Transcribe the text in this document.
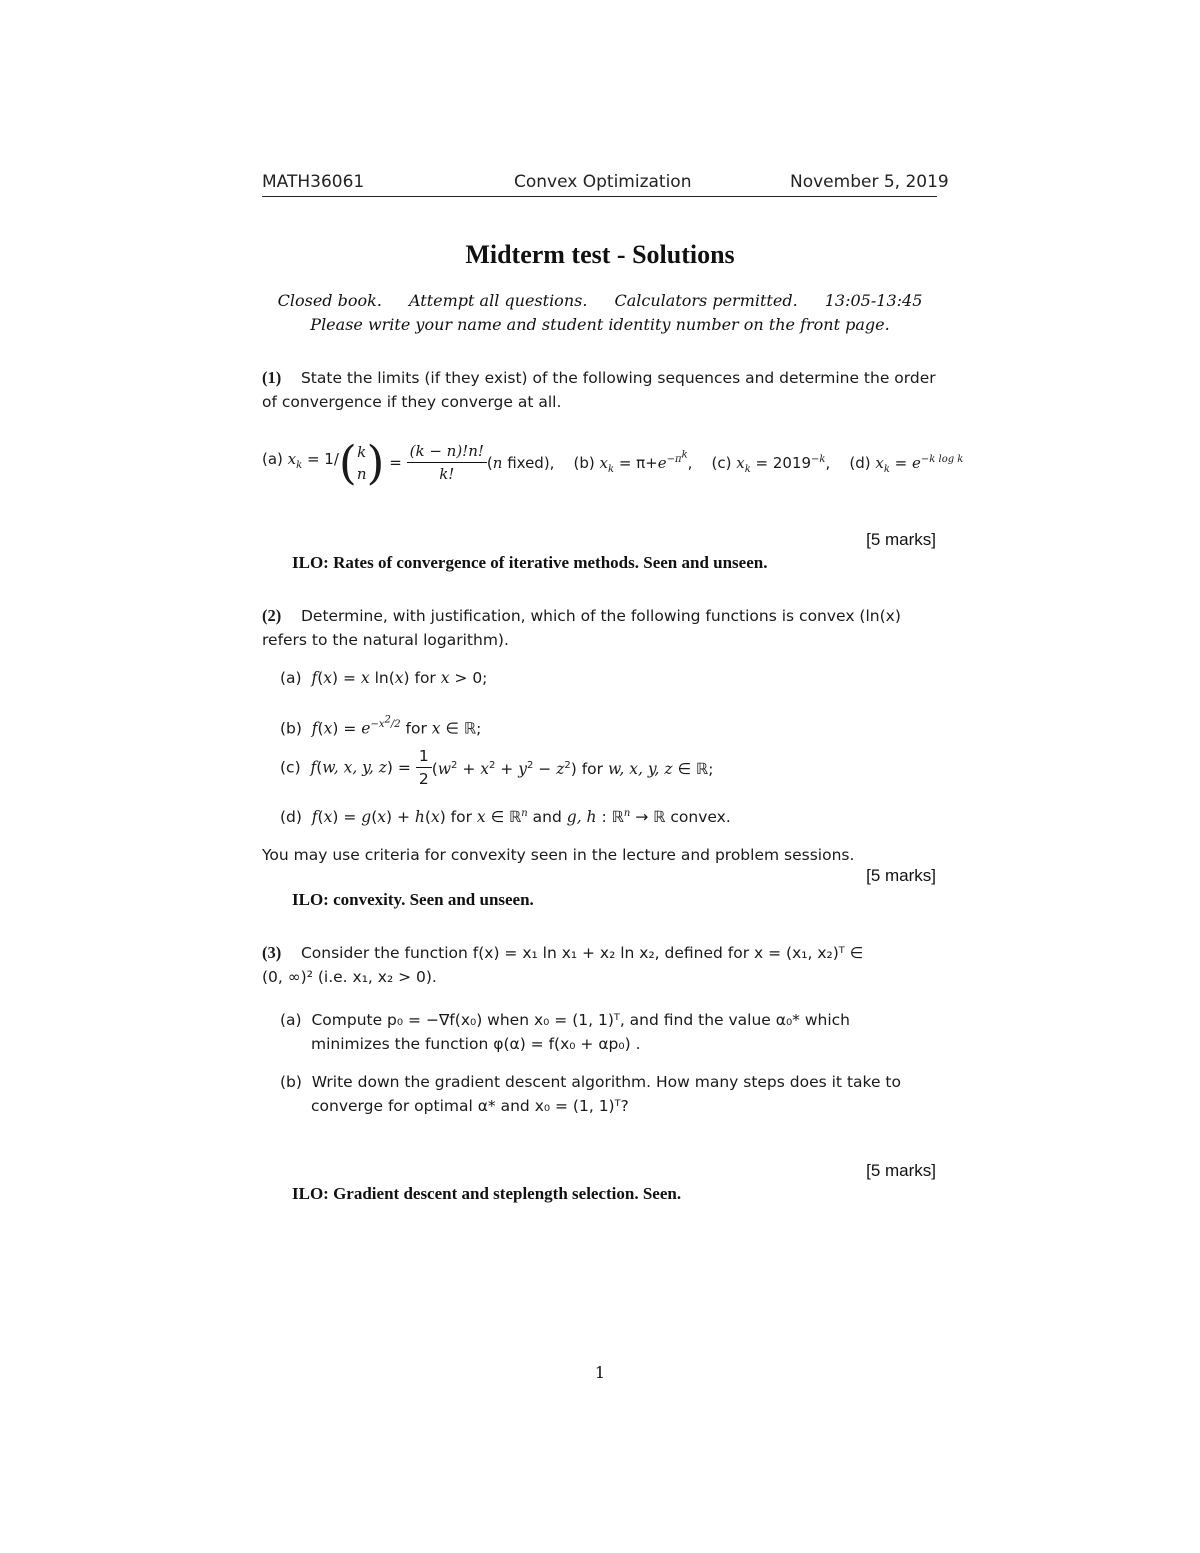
MATH36061	Convex Optimization	November 5, 2019
Midterm test - Solutions
Closed book. Attempt all questions. Calculators permitted. 13:05-13:45
Please write your name and student identity number on the front page.
(1) State the limits (if they exist) of the following sequences and determine the order
of convergence if they converge at all.
(a) $x_k = 1/$( k
n ) = $\frac{(k - n)!n!}{k!} (n$ fixed),    (b) $x_k = \pi+e^{-\pi^k}$,    (c) $x_k = 2019^{-k}$,    (d) $x_k = e^{-k log k}$
[5 marks]
ILO: Rates of convergence of iterative methods. Seen and unseen.
(2) Determine, with justification, which of the following functions is convex (ln(x)
refers to the natural logarithm).
(a)  f(x) = x ln(x) for x > 0;
(b)  $f(x) = e^{-x^2/2}$ for x ∈ ℝ;
(c)  f(w, x, y, $z) = \frac{1}{2} (w^2 + x^2 + y^2 - z^2)$ for w, x, y, z ∈ ℝ;
(d)  f(x) = g(x) + h(x) for x ∈ ℝ$^n$ and g, h : ℝ$^n$ → ℝ convex.
You may use criteria for convexity seen in the lecture and problem sessions.
[5 marks]
ILO: convexity. Seen and unseen.
(3) Consider the function f(x) = x₁ ln x₁ + x₂ ln x₂, defined for x = (x₁, x₂)ᵀ ∈
(0, ∞)² (i.e. x₁, x₂ > 0).
(a)  Compute p₀ = −∇f(x₀) when x₀ = (1, 1)ᵀ, and find the value α₀* which
minimizes the function φ(α) = f(x₀ + αp₀) .
(b)  Write down the gradient descent algorithm. How many steps does it take to
converge for optimal α* and x₀ = (1, 1)ᵀ?
[5 marks]
ILO: Gradient descent and steplength selection. Seen.
1
